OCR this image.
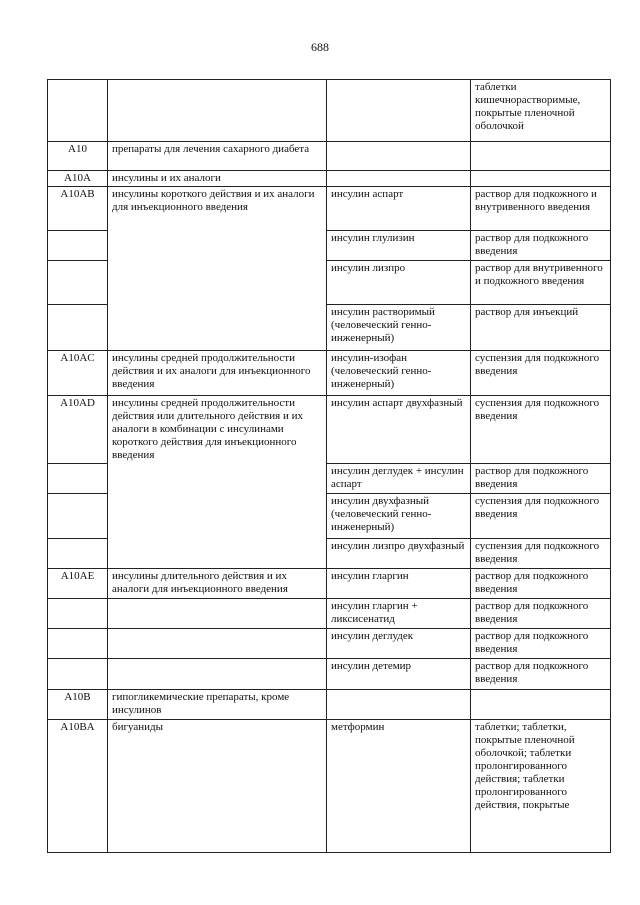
688
			таблетки кишечнорастворимые, покрытые пленочной оболочкой
A10	препараты для лечения сахарного диабета		
A10A	инсулины и их аналоги		
A10AB	инсулины короткого действия и их аналоги для инъекционного введения	инсулин аспарт	раствор для подкожного и внутривенного введения
		инсулин глулизин	раствор для подкожного введения
		инсулин лизпро	раствор для внутривенного и подкожного введения
		инсулин растворимый (человеческий генно-инженерный)	раствор для инъекций
A10AC	инсулины средней продолжительности действия и их аналоги для инъекционного введения	инсулин-изофан (человеческий генно-инженерный)	суспензия для подкожного введения
A10AD	инсулины средней продолжительности действия или длительного действия и их аналоги в комбинации с инсулинами короткого действия для инъекционного введения	инсулин аспарт двухфазный	суспензия для подкожного введения
		инсулин деглудек + инсулин аспарт	раствор для подкожного введения
		инсулин двухфазный (человеческий генно-инженерный)	суспензия для подкожного введения
		инсулин лизпро двухфазный	суспензия для подкожного введения
A10AE	инсулины длительного действия и их аналоги для инъекционного введения	инсулин гларгин	раствор для подкожного введения
		инсулин гларгин + ликсисенатид	раствор для подкожного введения
		инсулин деглудек	раствор для подкожного введения
		инсулин детемир	раствор для подкожного введения
A10B	гипогликемические препараты, кроме инсулинов		
A10BA	бигуаниды	метформин	таблетки; таблетки, покрытые пленочной оболочкой; таблетки пролонгированного действия; таблетки пролонгированного действия, покрытые
